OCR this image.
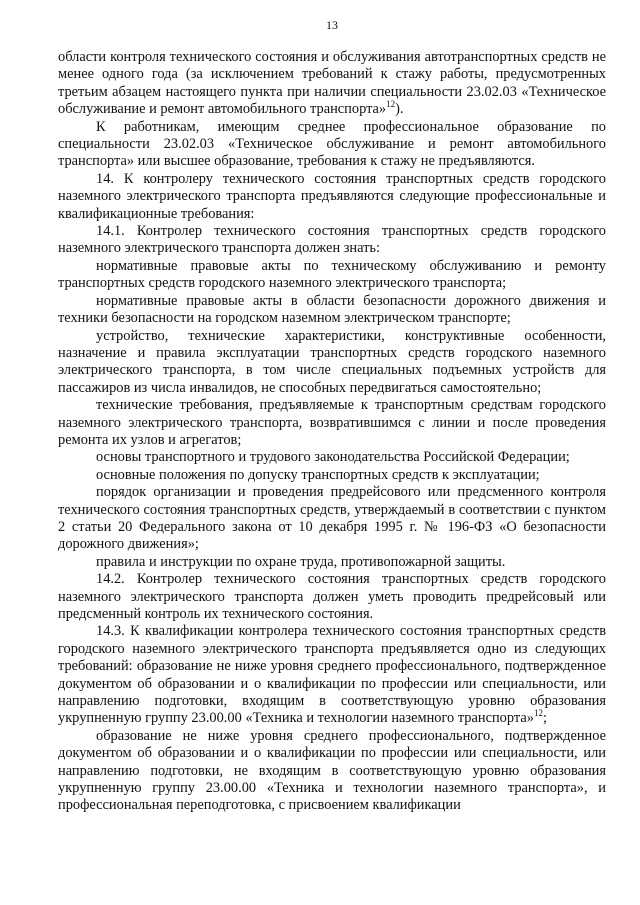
13

области контроля технического состояния и обслуживания автотранспортных средств не менее одного года (за исключением требований к стажу работы, предусмотренных третьим абзацем настоящего пункта при наличии специальности 23.02.03 «Техническое обслуживание и ремонт автомобильного транспорта»$^{12}$).

К работникам, имеющим среднее профессиональное образование по специальности 23.02.03 «Техническое обслуживание и ремонт автомобильного транспорта» или высшее образование, требования к стажу не предъявляются.

14. К контролеру технического состояния транспортных средств городского наземного электрического транспорта предъявляются следующие профессиональные и квалификационные требования:

14.1. Контролер технического состояния транспортных средств городского наземного электрического транспорта должен знать:

нормативные правовые акты по техническому обслуживанию и ремонту транспортных средств городского наземного электрического транспорта;

нормативные правовые акты в области безопасности дорожного движения и техники безопасности на городском наземном электрическом транспорте;

устройство, технические характеристики, конструктивные особенности, назначение и правила эксплуатации транспортных средств городского наземного электрического транспорта, в том числе специальных подъемных устройств для пассажиров из числа инвалидов, не способных передвигаться самостоятельно;

технические требования, предъявляемые к транспортным средствам городского наземного электрического транспорта, возвратившимся с линии и после проведения ремонта их узлов и агрегатов;

основы транспортного и трудового законодательства Российской Федерации;

основные положения по допуску транспортных средств к эксплуатации;

порядок организации и проведения предрейсового или предсменного контроля технического состояния транспортных средств, утверждаемый в соответствии с пунктом 2 статьи 20 Федерального закона от 10 декабря 1995 г. № 196-ФЗ «О безопасности дорожного движения»;

правила и инструкции по охране труда, противопожарной защиты.

14.2. Контролер технического состояния транспортных средств городского наземного электрического транспорта должен уметь проводить предрейсовый или предсменный контроль их технического состояния.

14.3. К квалификации контролера технического состояния транспортных средств городского наземного электрического транспорта предъявляется одно из следующих требований: образование не ниже уровня среднего профессионального, подтвержденное документом об образовании и о квалификации по профессии или специальности, или направлению подготовки, входящим в соответствующую уровню образования укрупненную группу 23.00.00 «Техника и технологии наземного транспорта»$^{12}$;

образование не ниже уровня среднего профессионального, подтвержденное документом об образовании и о квалификации по профессии или специальности, или направлению подготовки, не входящим в соответствующую уровню образования укрупненную группу 23.00.00 «Техника и технологии наземного транспорта», и профессиональная переподготовка, с присвоением квалификации
